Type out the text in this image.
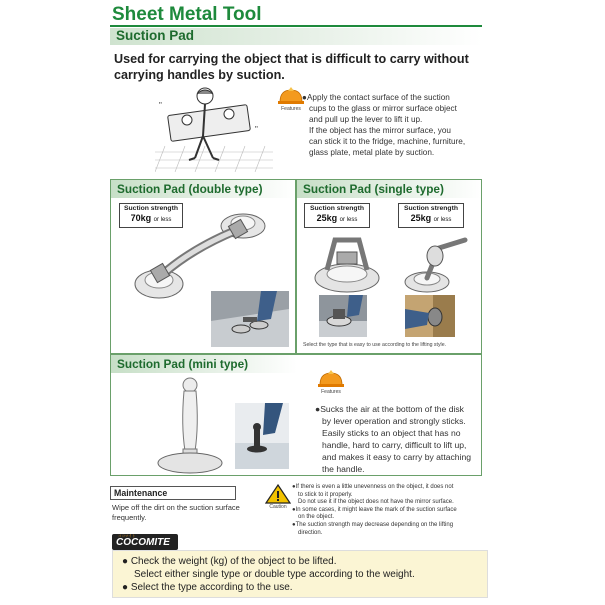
Sheet Metal Tool
Suction Pad
Used for carrying the object that is difficult to carry without carrying handles by suction.
"
"
Features
●Apply the contact surface of the suction
cups to the glass or mirror surface object
and pull up the lever to lift it up.
If the object has the mirror surface, you
can stick it to the fridge, machine, furniture,
glass plate, metal plate by suction.
Suction Pad (double type)
Suction strength
70kg or less
Suction Pad (single type)
Suction strength
25kg or less
Suction strength
25kg or less
Select the type that is easy to use according to the lifting style.
Suction Pad (mini type)
Features
●Sucks the air at the bottom of the disk
by lever operation and strongly sticks.
Easily sticks to an object that has no
handle, hard to carry, difficult to lift up,
and makes it easy to carry by attaching
the handle.
Maintenance
Wipe off the dirt on the suction surface frequently.
Caution
●If there is even a little unevenness on the object, it does not
to stick to it properly.
Do not use it if the object does not have the mirror surface.
●In some cases, it might leave the mark of the suction surface
on the object.
●The suction strength may decrease depending on the lifting
direction.
ココマイト
COCOMITE
● Check the weight (kg) of the object to be lifted.
Select either single type or double type according to the weight.
● Select the type according to the use.
